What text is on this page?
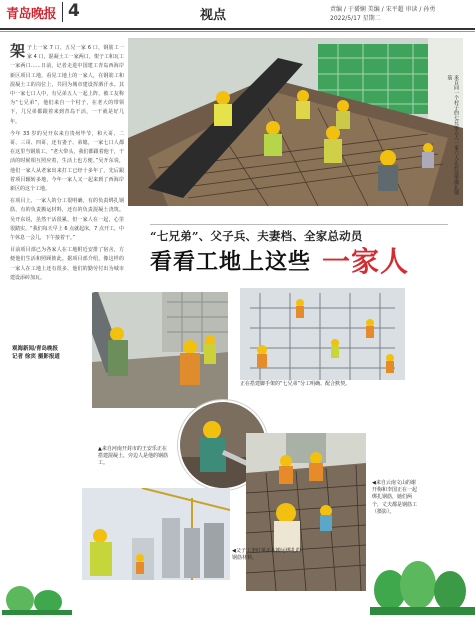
青岛晚报 4	视点	责编 / 于赟娴 美编 / 宋平超 审读 / 孙勇
2022/5/17 星期二
架 子上一家 7 口，五兄一家 6 口，钢筋工一家 4 口，混凝土工一家两口，架子工和瓦工一家两口……日前，记者走进中国建工青岛西海岸新区项目工地，看见工地上的一家人，在钢筋工和混凝土工的岗位上，共同为城市建设挥洒汗水。其中一家七口人中，有兄弟五人一起上阵，被工友称为“七兄弟”，他们来自一个村子，在老大的带领下，几兄弟都跟着来到青岛干活，一干就是好几年。

今年 33 岁的吴开东来自贵州毕节，和大哥、二哥、三哥、四哥，还有妻子、弟媳，一家七口人都在这里当钢筋工。“老大带头，我们都跟着他干，干活的时候相互照应着，生活上也方便。”吴开东说，他们一家人从老家出来打工已经十多年了，先后跟着项目辗转多地，今年一家人又一起来到了西海岸新区的这个工地。

在项目上，一家人的分工很明确，有的负责绑扎钢筋，有的负责搬运材料，还有的负责混凝土浇筑。吴开东说，虽然干活很累，但一家人在一起，心里很踏实。“我们每天早上 6 点就起床，7 点开工，中午休息一会儿，下午接着干。”

目前项目部已为各家人在工地附近安排了宿舍，方便他们生活和照顾彼此。据项目部介绍，像这样的一家人在工地上还有很多，他们的勤劳付出为城市建设添砖加瓦。

观海新闻/青岛晚报
记者 徐宾 摄影报道
来自同一个村子的七兄弟五人一家六人正在这里绑扎钢筋
“七兄弟”、父子兵、夫妻档、全家总动员
看看工地上这些 一家人
正在搭建脚手架的“七兄弟”分工明确、配合默契。
▲来自河南开封市的王安乐正在搭建混凝土，旁边人是他的钢筋工。
◀来自云南文山的谢开梅和李国正在一起绑扎钢筋，她们两个，丈夫都是钢筋工（摄影）。
◀父子工李红英正在搬运绑扎的钢筋材料。
